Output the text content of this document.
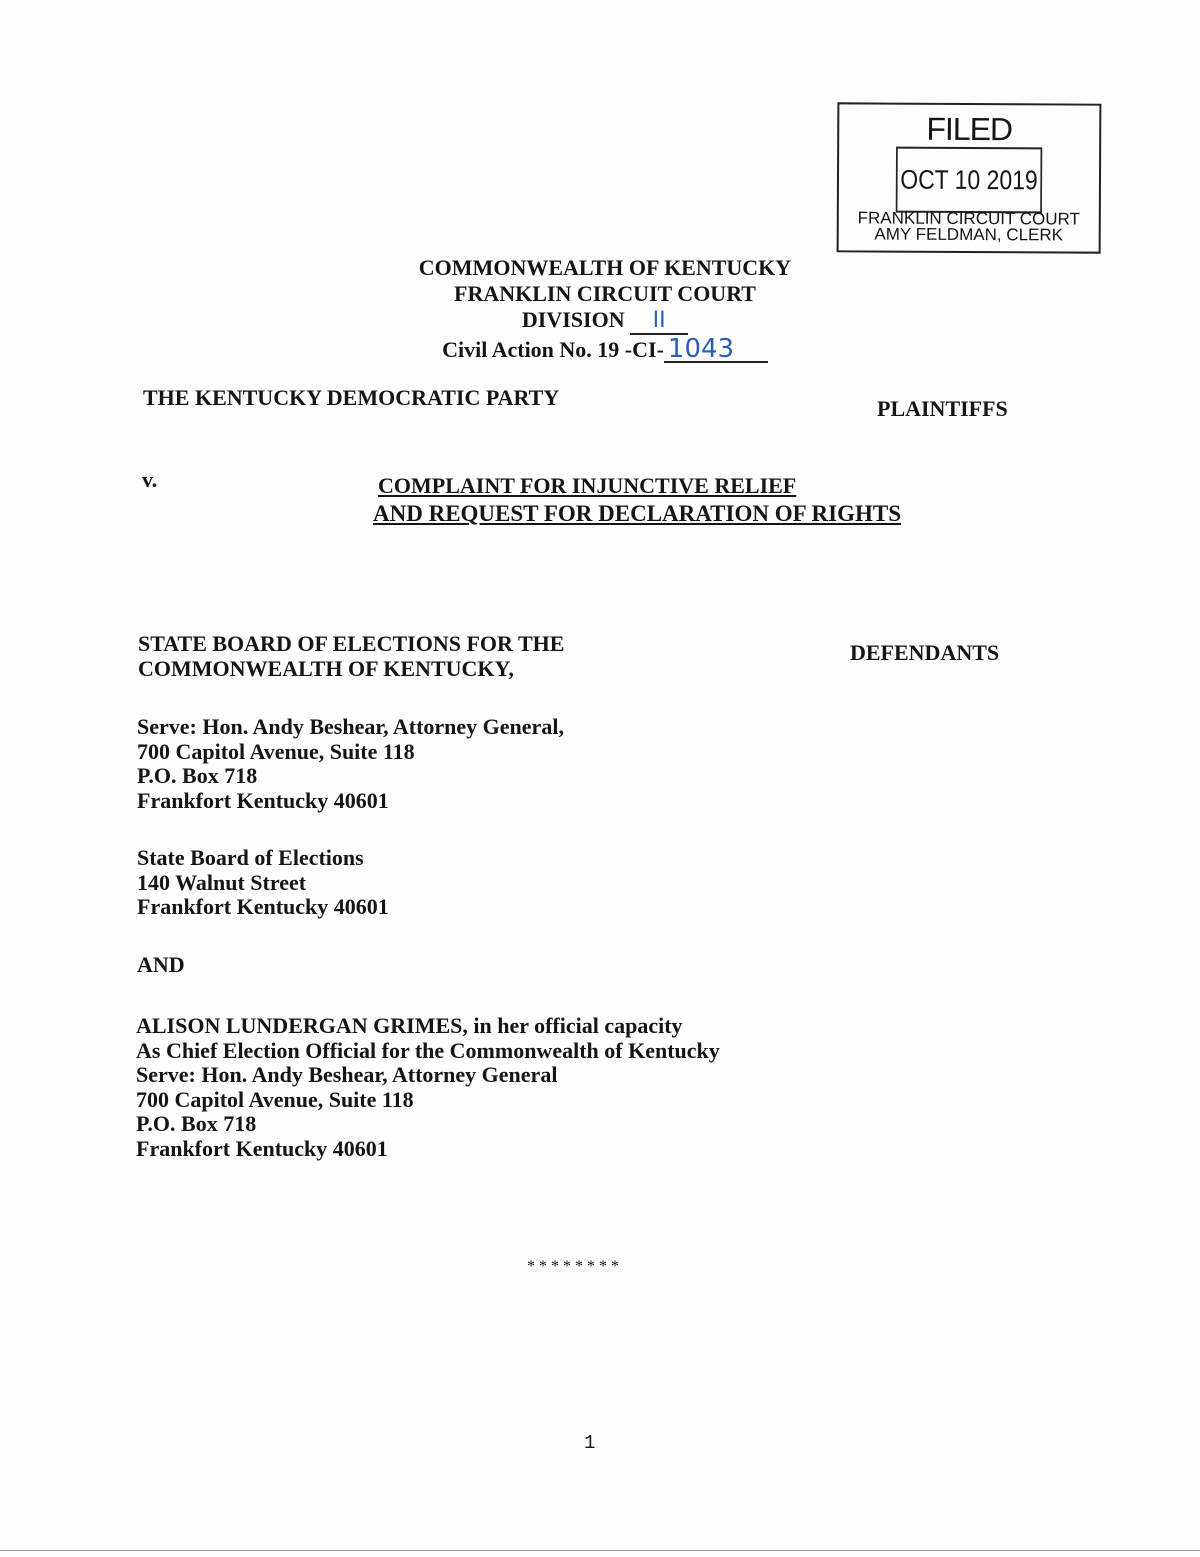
FILED
OCT 10 2019
FRANKLIN CIRCUIT COURT
AMY FELDMAN, CLERK
COMMONWEALTH OF KENTUCKY
FRANKLIN CIRCUIT COURT
DIVISION II
Civil Action No. 19 -CI- 1043
THE KENTUCKY DEMOCRATIC PARTY	PLAINTIFFS
v.	COMPLAINT FOR INJUNCTIVE RELIEF
AND REQUEST FOR DECLARATION OF RIGHTS
STATE BOARD OF ELECTIONS FOR THE
COMMONWEALTH OF KENTUCKY,
DEFENDANTS
Serve: Hon. Andy Beshear, Attorney General,
700 Capitol Avenue, Suite 118
P.O. Box 718
Frankfort Kentucky 40601
State Board of Elections
140 Walnut Street
Frankfort Kentucky 40601
AND
ALISON LUNDERGAN GRIMES, in her official capacity
As Chief Election Official for the Commonwealth of Kentucky
Serve: Hon. Andy Beshear, Attorney General
700 Capitol Avenue, Suite 118
P.O. Box 718
Frankfort Kentucky 40601
* * * * * * * *
1
